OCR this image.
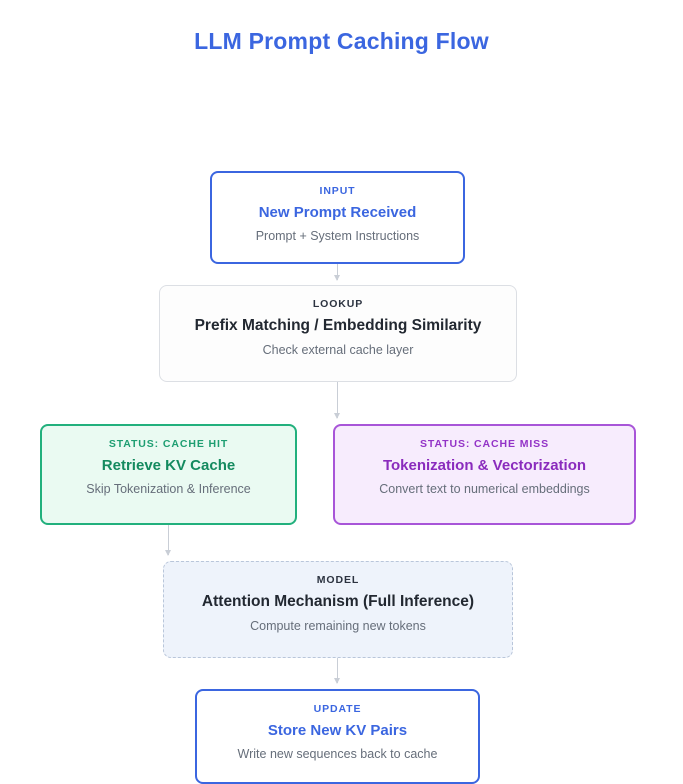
LLM Prompt Caching Flow
INPUT
New Prompt Received
Prompt + System Instructions
LOOKUP
Prefix Matching / Embedding Similarity
Check external cache layer
STATUS: CACHE HIT
Retrieve KV Cache
Skip Tokenization & Inference
STATUS: CACHE MISS
Tokenization & Vectorization
Convert text to numerical embeddings
MODEL
Attention Mechanism (Full Inference)
Compute remaining new tokens
UPDATE
Store New KV Pairs
Write new sequences back to cache
